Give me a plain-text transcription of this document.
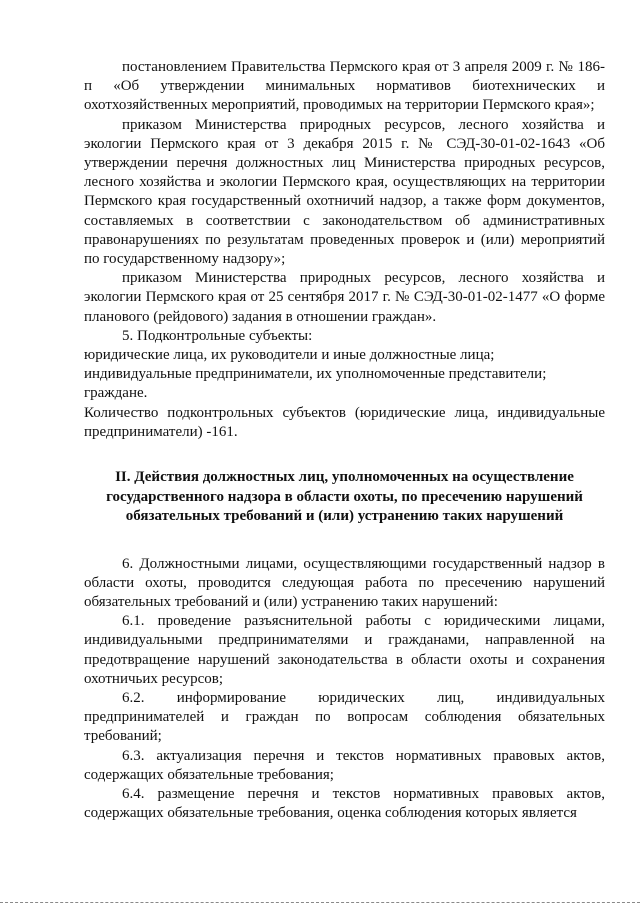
постановлением Правительства Пермского края от 3 апреля 2009 г. № 186-п «Об утверждении минимальных нормативов биотехнических и охотхозяйственных мероприятий, проводимых на территории Пермского края»;

приказом Министерства природных ресурсов, лесного хозяйства и экологии Пермского края от 3 декабря 2015 г. № СЭД-30-01-02-1643 «Об утверждении перечня должностных лиц Министерства природных ресурсов, лесного хозяйства и экологии Пермского края, осуществляющих на территории Пермского края государственный охотничий надзор, а также форм документов, составляемых в соответствии с законодательством об административных правонарушениях по результатам проведенных проверок и (или) мероприятий по государственному надзору»;

приказом Министерства природных ресурсов, лесного хозяйства и экологии Пермского края от 25 сентября 2017 г. № СЭД-30-01-02-1477 «О форме планового (рейдового) задания в отношении граждан».

5. Подконтрольные субъекты:

юридические лица, их руководители и иные должностные лица;

индивидуальные предприниматели, их уполномоченные представители;

граждане.

Количество подконтрольных субъектов (юридические лица, индивидуальные предприниматели) -161.

II. Действия должностных лиц, уполномоченных на осуществление
государственного надзора в области охоты, по пресечению нарушений
обязательных требований и (или) устранению таких нарушений

6. Должностными лицами, осуществляющими государственный надзор в области охоты, проводится следующая работа по пресечению нарушений обязательных требований и (или) устранению таких нарушений:

6.1. проведение разъяснительной работы с юридическими лицами, индивидуальными предпринимателями и гражданами, направленной на предотвращение нарушений законодательства в области охоты и сохранения охотничьих ресурсов;

6.2. информирование юридических лиц, индивидуальных предпринимателей и граждан по вопросам соблюдения обязательных требований;

6.3. актуализация перечня и текстов нормативных правовых актов, содержащих обязательные требования;

6.4. размещение перечня и текстов нормативных правовых актов, содержащих обязательные требования, оценка соблюдения которых является
